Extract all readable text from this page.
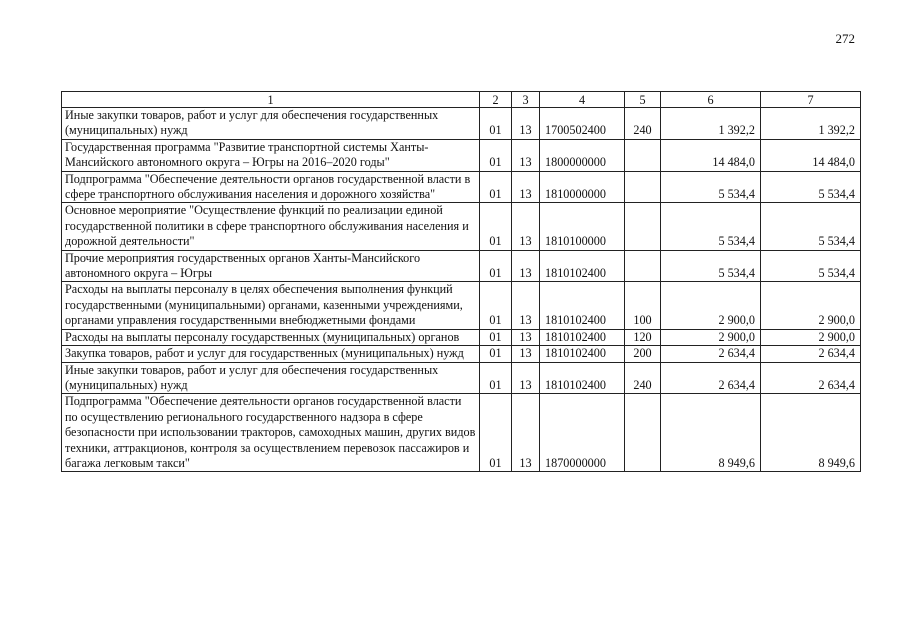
272
1	2	3	4	5	6	7
Иные закупки товаров, работ и услуг для обеспечения государственных (муниципальных) нужд	01	13	1700502400	240	1 392,2	1 392,2
Государственная программа "Развитие транспортной системы Ханты-Мансийского автономного округа – Югры на 2016–2020 годы"	01	13	1800000000		14 484,0	14 484,0
Подпрограмма "Обеспечение деятельности органов государственной власти в сфере транспортного обслуживания населения и дорожного хозяйства"	01	13	1810000000		5 534,4	5 534,4
Основное мероприятие "Осуществление функций по реализации единой государственной политики в сфере транспортного обслуживания населения и дорожной деятельности"	01	13	1810100000		5 534,4	5 534,4
Прочие мероприятия государственных органов Ханты-Мансийского автономного округа – Югры	01	13	1810102400		5 534,4	5 534,4
Расходы на выплаты персоналу в целях обеспечения выполнения функций государственными (муниципальными) органами, казенными учреждениями, органами управления государственными внебюджетными фондами	01	13	1810102400	100	2 900,0	2 900,0
Расходы на выплаты персоналу государственных (муниципальных) органов	01	13	1810102400	120	2 900,0	2 900,0
Закупка товаров, работ и услуг для государственных (муниципальных) нужд	01	13	1810102400	200	2 634,4	2 634,4
Иные закупки товаров, работ и услуг для обеспечения государственных (муниципальных) нужд	01	13	1810102400	240	2 634,4	2 634,4
Подпрограмма "Обеспечение деятельности органов государственной власти по осуществлению регионального государственного надзора в сфере безопасности при использовании тракторов, самоходных машин, других видов техники, аттракционов, контроля за осуществлением перевозок пассажиров и багажа легковым такси"	01	13	1870000000		8 949,6	8 949,6
